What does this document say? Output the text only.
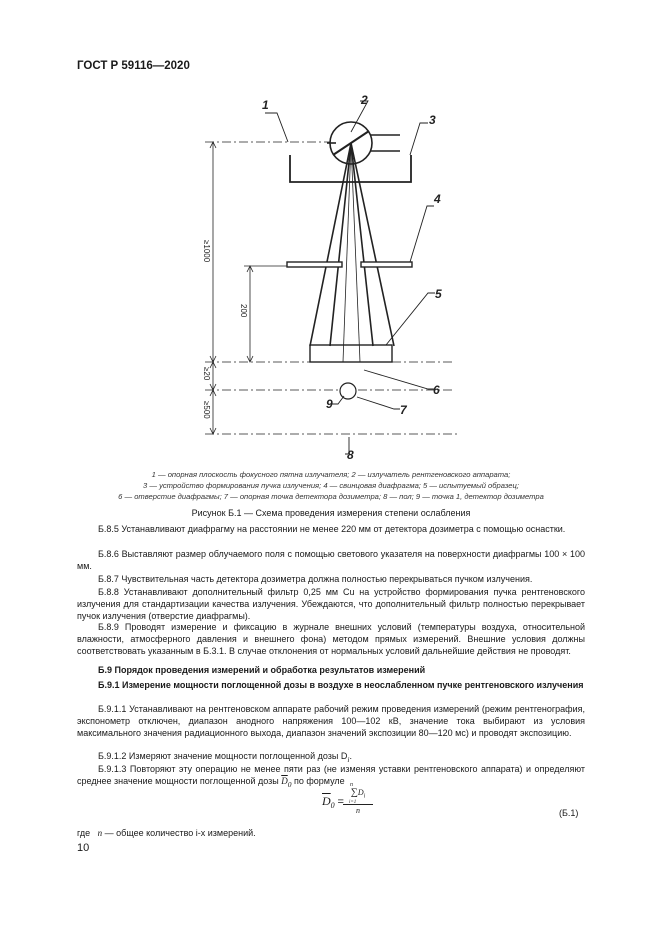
ГОСТ Р 59116—2020
1	2
3
4
5
6
7
8
9
≥1000
200
≥20
≥500
1 — опорная плоскость фокусного пятна излучателя; 2 — излучатель рентгеновского аппарата;
3 — устройство формирования пучка излучения; 4 — свинцовая диафрагма; 5 — испытуемый образец;
6 — отверстие диафрагмы; 7 — опорная точка детектора дозиметра; 8 — пол; 9 — точка 1, детектор дозиметра
Рисунок Б.1 — Схема проведения измерения степени ослабления
Б.8.5 Устанавливают диафрагму на расстоянии не менее 220 мм от детектора дозиметра с помощью оснастки.
Б.8.6 Выставляют размер облучаемого поля с помощью светового указателя на поверхности диафрагмы 100 × 100 мм.
Б.8.7 Чувствительная часть детектора дозиметра должна полностью перекрываться пучком излучения.
Б.8.8 Устанавливают дополнительный фильтр 0,25 мм Cu на устройство формирования пучка рентгеновского излучения для стандартизации качества излучения. Убеждаются, что дополнительный фильтр полностью перекрывает пучок излучения (отверстие диафрагмы).
Б.8.9 Проводят измерение и фиксацию в журнале внешних условий (температуры воздуха, относительной влажности, атмосферного давления и внешнего фона) методом прямых измерений. Внешние условия должны соответствовать указанным в Б.3.1. В случае отклонения от нормальных условий дальнейшие действия не проводят.
Б.9 Порядок проведения измерений и обработка результатов измерений
Б.9.1 Измерение мощности поглощенной дозы в воздухе в неослабленном пучке рентгеновского излучения
Б.9.1.1 Устанавливают на рентгеновском аппарате рабочий режим проведения измерений (режим рентгенография, экспонометр отключен, диапазон анодного напряжения 100—102 кВ, значение тока выбирают из условия максимального значения радиационного выхода, диапазон значений экспозиции 80—120 мс) и проводят экспозицию.
Б.9.1.2 Измеряют значение мощности поглощенной дозы $D_i$.
Б.9.1.3 Повторяют эту операцию не менее пяти раз (не изменяя уставки рентгеновского аппарата) и определяют среднее значение мощности поглощенной дозы $\overline{D}_0$ по формуле
$\overline{D}_0$ =
$\sum D_i$
n
n
i=1
(Б.1)
где n — общее количество i-х измерений.
10
